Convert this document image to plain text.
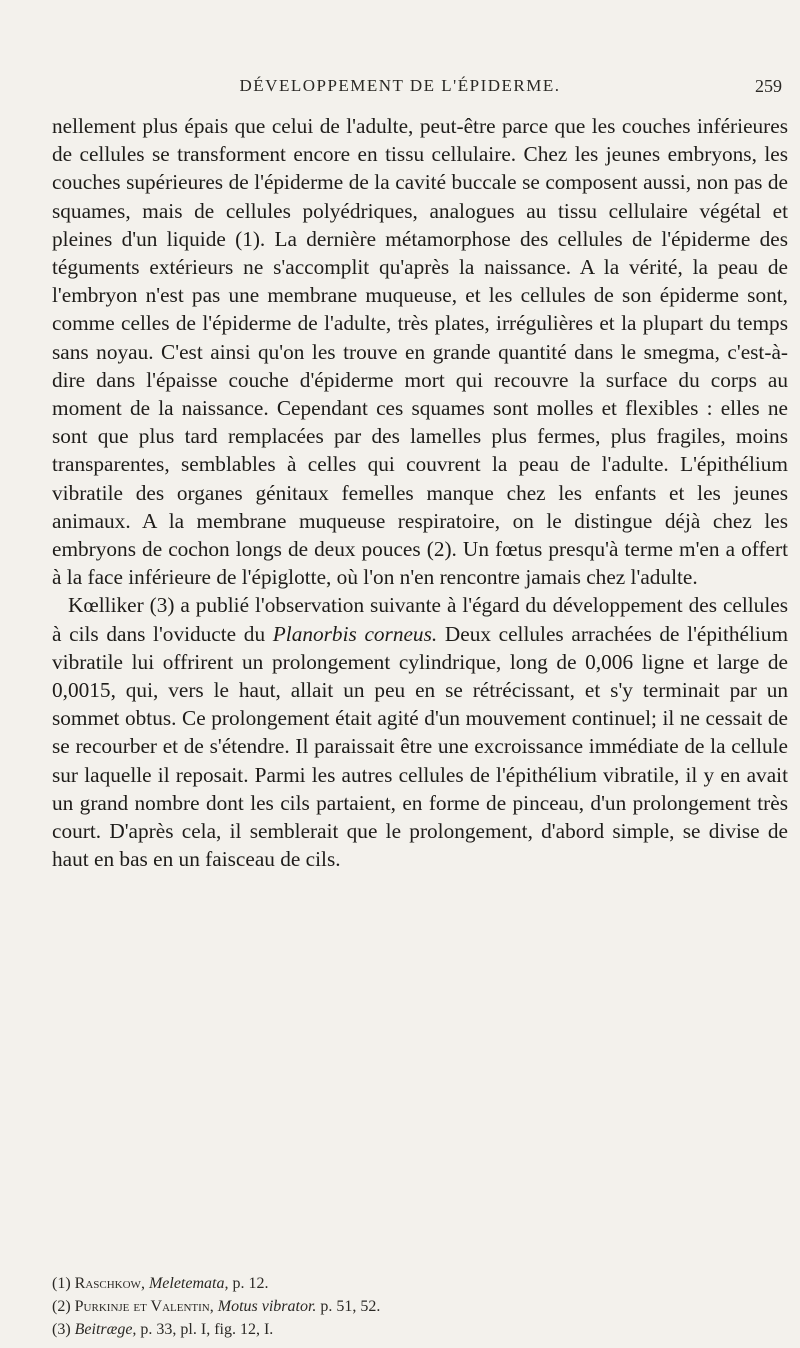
DÉVELOPPEMENT DE L'ÉPIDERME.	259

nellement plus épais que celui de l'adulte, peut-être parce que les couches inférieures de cellules se transforment encore en tissu cellulaire. Chez les jeunes embryons, les couches supérieures de l'épiderme de la cavité buccale se composent aussi, non pas de squames, mais de cellules polyédriques, analogues au tissu cellulaire végétal et pleines d'un liquide (1). La dernière métamorphose des cellules de l'épiderme des téguments extérieurs ne s'accomplit qu'après la naissance. A la vérité, la peau de l'embryon n'est pas une membrane muqueuse, et les cellules de son épiderme sont, comme celles de l'épiderme de l'adulte, très plates, irrégulières et la plupart du temps sans noyau. C'est ainsi qu'on les trouve en grande quantité dans le smegma, c'est-à-dire dans l'épaisse couche d'épiderme mort qui recouvre la surface du corps au moment de la naissance. Cependant ces squames sont molles et flexibles : elles ne sont que plus tard remplacées par des lamelles plus fermes, plus fragiles, moins transparentes, semblables à celles qui couvrent la peau de l'adulte. L'épithélium vibratile des organes génitaux femelles manque chez les enfants et les jeunes animaux. A la membrane muqueuse respiratoire, on le distingue déjà chez les embryons de cochon longs de deux pouces (2). Un fœtus presqu'à terme m'en a offert à la face inférieure de l'épiglotte, où l'on n'en rencontre jamais chez l'adulte.

Kœlliker (3) a publié l'observation suivante à l'égard du développement des cellules à cils dans l'oviducte du Planorbis corneus. Deux cellules arrachées de l'épithélium vibratile lui offrirent un prolongement cylindrique, long de 0,006 ligne et large de 0,0015, qui, vers le haut, allait un peu en se rétrécissant, et s'y terminait par un sommet obtus. Ce prolongement était agité d'un mouvement continuel; il ne cessait de se recourber et de s'étendre. Il paraissait être une excroissance immédiate de la cellule sur laquelle il reposait. Parmi les autres cellules de l'épithélium vibratile, il y en avait un grand nombre dont les cils partaient, en forme de pinceau, d'un prolongement très court. D'après cela, il semblerait que le prolongement, d'abord simple, se divise de haut en bas en un faisceau de cils.

(1) Raschkow, Meletemata, p. 12.
(2) Purkinje et Valentin, Motus vibrator. p. 51, 52.
(3) Beitræge, p. 33, pl. I, fig. 12, I.
